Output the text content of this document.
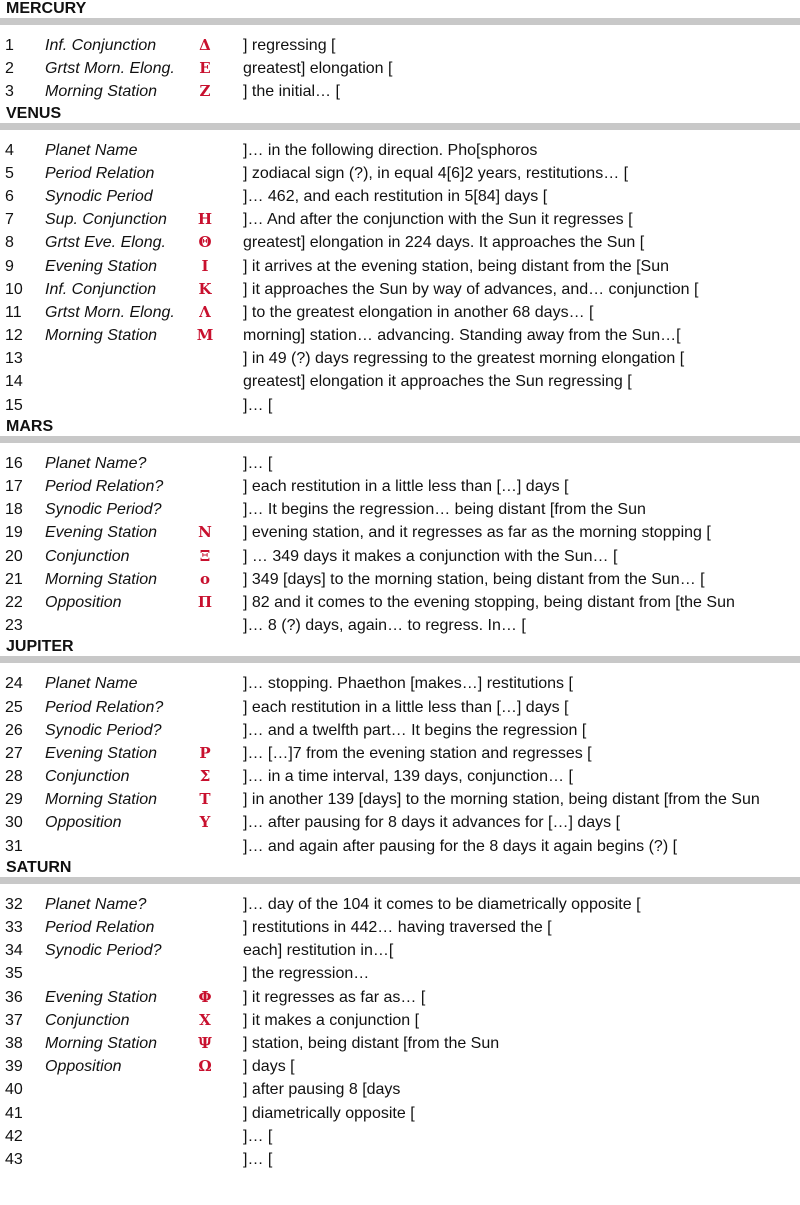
MERCURY
1 Inf. Conjunction	Δ ] regressing [
2 Grtst Morn. Elong. Ε greatest] elongation [
3 Morning Station	Ζ ] the initial… [
VENUS
4 Planet Name	]… in the following direction. Pho[sphoros
5 Period Relation	] zodiacal sign (?), in equal 4[6]2 years, restitutions… [
6 Synodic Period	]… 462, and each restitution in 5[84] days [
7 Sup. Conjunction Η ]… And after the conjunction with the Sun it regresses [
8 Grtst Eve. Elong. Θ greatest] elongation in 224 days. It approaches the Sun [
9 Evening Station	Ι	] it arrives at the evening station, being distant from the [Sun
10 Inf. Conjunction	Κ ] it approaches the Sun by way of advances, and… conjunction [
11 Grtst Morn. Elong. Λ ] to the greatest elongation in another 68 days… [
12 Morning Station	Μ morning] station… advancing. Standing away from the Sun…[
13	] in 49 (?) days regressing to the greatest morning elongation [
14	greatest] elongation it approaches the Sun regressing [
15	]… [
MARS
16 Planet Name?	]… [
17 Period Relation?	] each restitution in a little less than […] days [
18 Synodic Period?	]… It begins the regression… being distant [from the Sun
19 Evening Station	Ν ] evening station, and it regresses as far as the morning stopping [
20 Conjunction	Ξ ] … 349 days it makes a conjunction with the Sun… [
21 Morning Station	ο ] 349 [days] to the morning station, being distant from the Sun… [
22 Opposition	Π ] 82 and it comes to the evening stopping, being distant from [the Sun
23	]… 8 (?) days, again… to regress. In… [
JUPITER
24 Planet Name	]… stopping. Phaethon [makes…] restitutions [
25 Period Relation?	] each restitution in a little less than […] days [
26 Synodic Period?	]… and a twelfth part… It begins the regression [
27 Evening Station	Ρ ]… […]7 from the evening station and regresses [
28 Conjunction	Σ ]… in a time interval, 139 days, conjunction… [
29 Morning Station	Τ ] in another 139 [days] to the morning station, being distant [from the Sun
30 Opposition	Υ ]… after pausing for 8 days it advances for […] days [
31	]… and again after pausing for the 8 days it again begins (?) [
SATURN
32 Planet Name?	]… day of the 104 it comes to be diametrically opposite [
33 Period Relation	] restitutions in 442… having traversed the [
34 Synodic Period?	each] restitution in…[
35	] the regression…
36 Evening Station	Φ ] it regresses as far as… [
37 Conjunction	Χ ] it makes a conjunction [
38 Morning Station	Ψ ] station, being distant [from the Sun
39 Opposition	Ω ] days [
40	] after pausing 8 [days
41	] diametrically opposite [
42	]… [
43	]… [
